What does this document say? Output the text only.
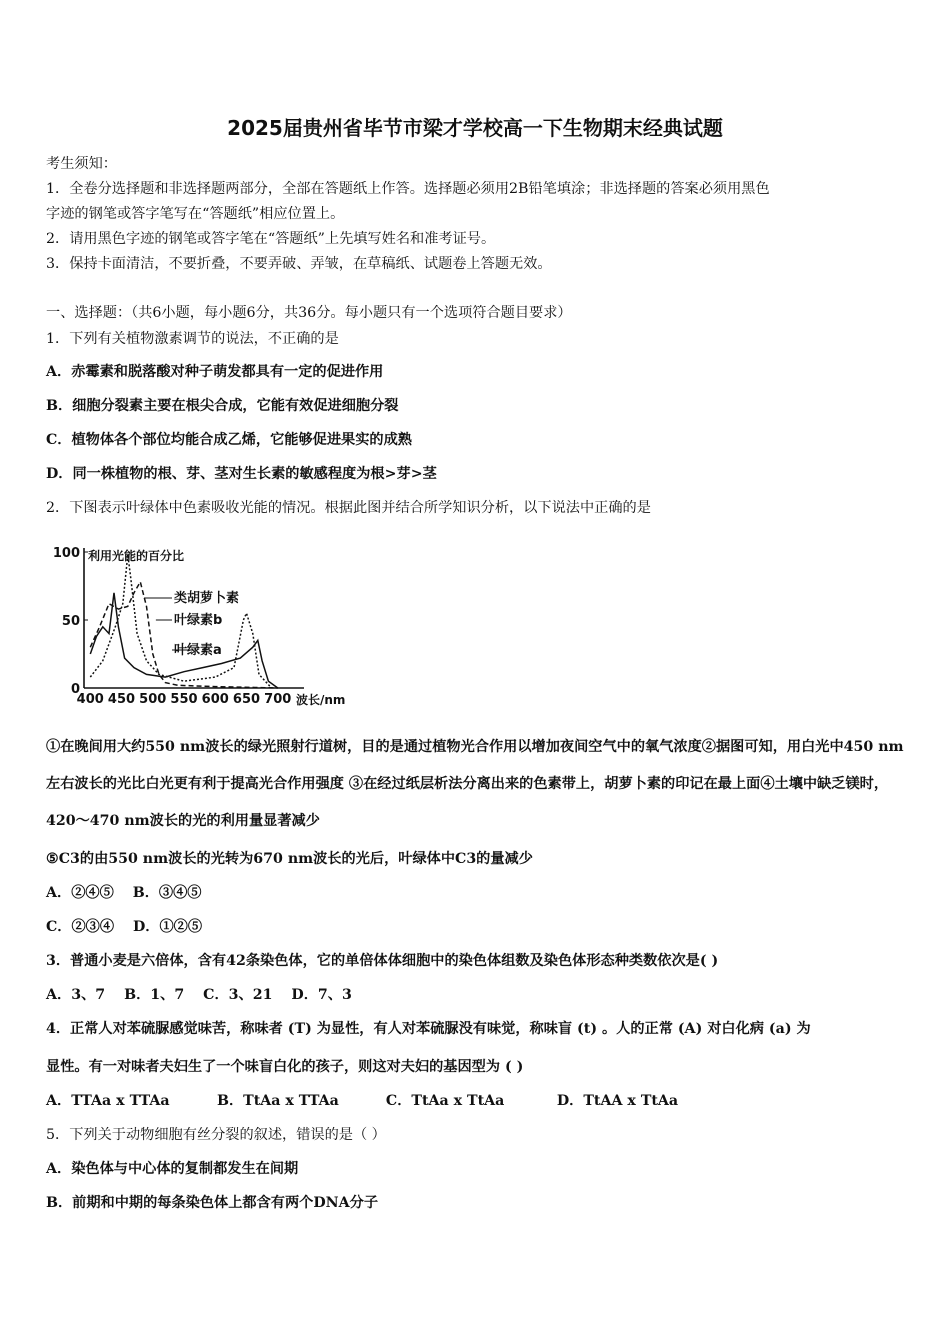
2025届贵州省毕节市梁才学校高一下生物期末经典试题
考生须知：
1．全卷分选择题和非选择题两部分，全部在答题纸上作答。选择题必须用2B铅笔填涂；非选择题的答案必须用黑色
字迹的钢笔或答字笔写在“答题纸”相应位置上。
2．请用黑色字迹的钢笔或答字笔在“答题纸”上先填写姓名和准考证号。
3．保持卡面清洁，不要折叠，不要弄破、弄皱，在草稿纸、试题卷上答题无效。
一、选择题：（共6小题，每小题6分，共36分。每小题只有一个选项符合题目要求）
1．下列有关植物激素调节的说法，不正确的是
A．赤霉素和脱落酸对种子萌发都具有一定的促进作用
B．细胞分裂素主要在根尖合成，它能有效促进细胞分裂
C．植物体各个部位均能合成乙烯，它能够促进果实的成熟
D．同一株植物的根、芽、茎对生长素的敏感程度为根>芽>茎
2．下图表示叶绿体中色素吸收光能的情况。根据此图并结合所学知识分析，以下说法中正确的是
利用光能的百分比
100
50
0
400 450 500 550 600 650 700 波长/nm
类胡萝卜素
叶绿素b
叶绿素a
①在晚间用大约550 nm波长的绿光照射行道树，目的是通过植物光合作用以增加夜间空气中的氧气浓度②据图可知，用白光中450 nm左右波长的光比白光更有利于提高光合作用强度 ③在经过纸层析法分离出来的色素带上，胡萝卜素的印记在最上面④土壤中缺乏镁时，420～470 nm波长的光的利用量显著减少
⑤C3的由550 nm波长的光转为670 nm波长的光后，叶绿体中C3的量减少
A．②④⑤ B．③④⑤
C．②③④ D．①②⑤
3．普通小麦是六倍体，含有42条染色体，它的单倍体体细胞中的染色体组数及染色体形态种类数依次是( )
A．3、7 B．1、7 C．3、21 D．7、3
4．正常人对苯硫脲感觉味苦，称味者 (T) 为显性，有人对苯硫脲没有味觉，称味盲 (t) 。人的正常 (A) 对白化病 (a) 为
显性。有一对味者夫妇生了一个味盲白化的孩子，则这对夫妇的基因型为 ( )
A．TTAa x TTAa	B．TtAa x TTAa	C．TtAa x TtAa	D．TtAA x TtAa
5．下列关于动物细胞有丝分裂的叙述，错误的是（ ）
A．染色体与中心体的复制都发生在间期
B．前期和中期的每条染色体上都含有两个DNA分子
